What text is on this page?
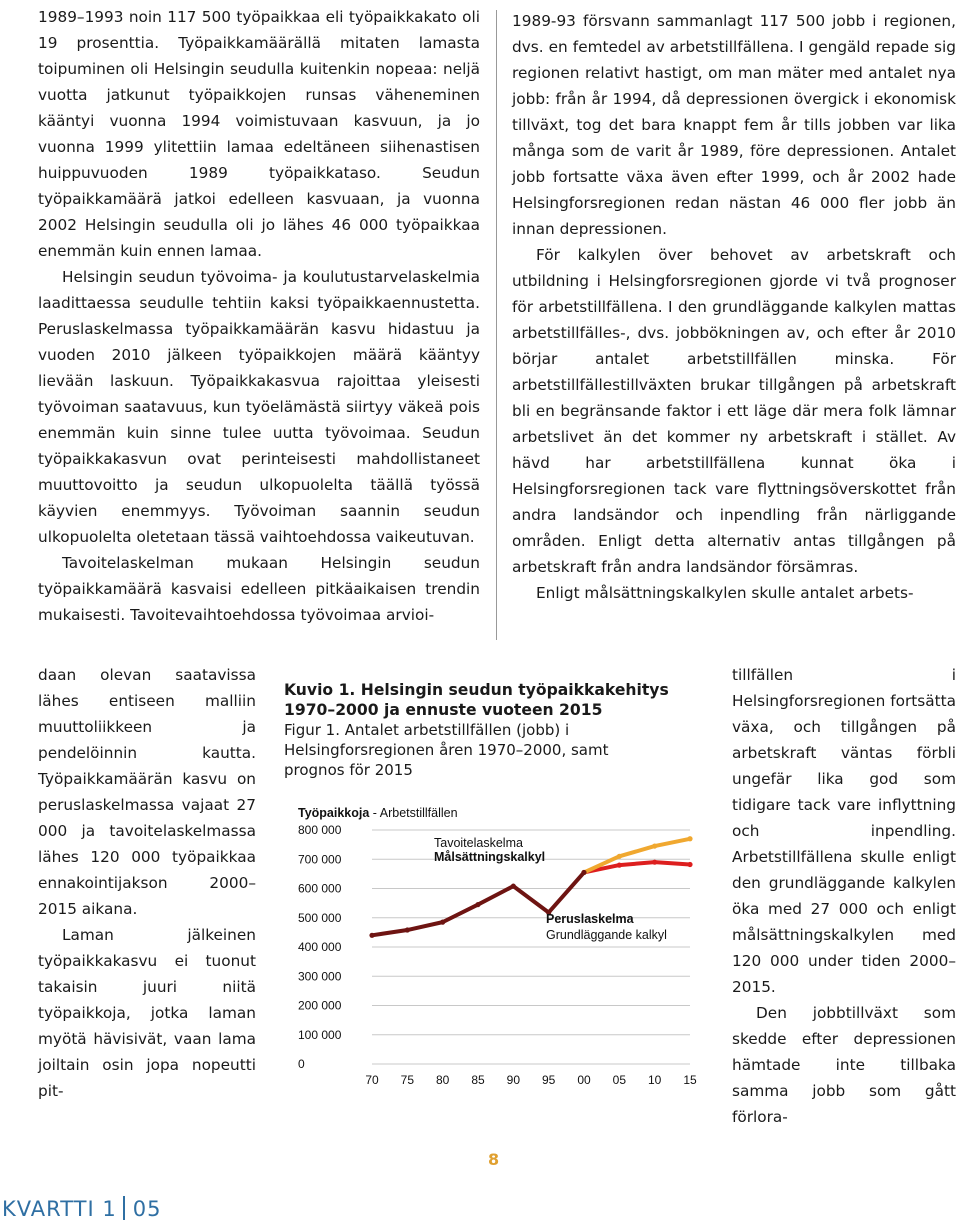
1989–1993 noin 117 500 työpaikkaa eli työpaikkakato oli 19 prosenttia. Työpaikkamäärällä mitaten lamasta toipuminen oli Helsingin seudulla kuitenkin nopeaa: neljä vuotta jatkunut työpaikkojen runsas väheneminen kääntyi vuonna 1994 voimistuvaan kasvuun, ja jo vuonna 1999 ylitettiin lamaa edeltäneen siihenastisen huippuvuoden 1989 työpaikkataso. Seudun työpaikkamäärä jatkoi edelleen kasvuaan, ja vuonna 2002 Helsingin seudulla oli jo lähes 46 000 työpaikkaa enemmän kuin ennen lamaa.

Helsingin seudun työvoima- ja koulutustarvelaskelmia laadittaessa seudulle tehtiin kaksi työpaikkaennustetta. Peruslaskelmassa työpaikkamäärän kasvu hidastuu ja vuoden 2010 jälkeen työpaikkojen määrä kääntyy lievään laskuun. Työpaikkakasvua rajoittaa yleisesti työvoiman saatavuus, kun työelämästä siirtyy väkeä pois enemmän kuin sinne tulee uutta työvoimaa. Seudun työpaikkakasvun ovat perinteisesti mahdollistaneet muuttovoitto ja seudun ulkopuolelta täällä työssä käyvien enemmyys. Työvoiman saannin seudun ulkopuolelta oletetaan tässä vaihtoehdossa vaikeutuvan.

Tavoitelaskelman mukaan Helsingin seudun työpaikkamäärä kasvaisi edelleen pitkäaikaisen trendin mukaisesti. Tavoitevaihtoehdossa työvoimaa arvioi-

daan olevan saatavissa lähes entiseen malliin muuttoliikkeen ja pendelöinnin kautta. Työpaikkamäärän kasvu on peruslaskelmassa vajaat 27 000 ja tavoitelaskelmassa lähes 120 000 työpaikkaa ennakointijakson 2000–2015 aikana.

Laman jälkeinen työpaikkakasvu ei tuonut takaisin juuri niitä työpaikkoja, jotka laman myötä hävisivät, vaan lama joiltain osin jopa nopeutti pit-

1989-93 försvann sammanlagt 117 500 jobb i regionen, dvs. en femtedel av arbetstillfällena. I gengäld repade sig regionen relativt hastigt, om man mäter med antalet nya jobb: från år 1994, då depressionen övergick i ekonomisk tillväxt, tog det bara knappt fem år tills jobben var lika många som de varit år 1989, före depressionen. Antalet jobb fortsatte växa även efter 1999, och år 2002 hade Helsingforsregionen redan nästan 46 000 fler jobb än innan depressionen.

För kalkylen över behovet av arbetskraft och utbildning i Helsingforsregionen gjorde vi två prognoser för arbetstillfällena. I den grundläggande kalkylen mattas arbetstillfälles-, dvs. jobbökningen av, och efter år 2010 börjar antalet arbetstillfällen minska. För arbetstillfällestillväxten brukar tillgången på arbetskraft bli en begränsande faktor i ett läge där mera folk lämnar arbetslivet än det kommer ny arbetskraft i stället. Av hävd har arbetstillfällena kunnat öka i Helsingforsregionen tack vare flyttningsöverskottet från andra landsändor och inpendling från närliggande områden. Enligt detta alternativ antas tillgången på arbetskraft från andra landsändor försämras.

Enligt målsättningskalkylen skulle antalet arbets-

tillfällen i Helsingforsregionen fortsätta växa, och tillgången på arbetskraft väntas förbli ungefär lika god som tidigare tack vare inflyttning och inpendling. Arbetstillfällena skulle enligt den grundläggande kalkylen öka med 27 000 och enligt målsättningskalkylen med 120 000 under tiden 2000–2015.

Den jobbtillväxt som skedde efter depressionen hämtade inte tillbaka samma jobb som gått förlora-

Kuvio 1. Helsingin seudun työpaikkakehitys
1970–2000 ja ennuste vuoteen 2015
Figur 1. Antalet arbetstillfällen (jobb) i
Helsingforsregionen åren 1970–2000, samt
prognos för 2015
Työpaikkoja - Arbetstillfällen
0
100 000
200 000
300 000
400 000
500 000
600 000
700 000
800 000
70 75 80 85 90 95 00 05 10 15
Tavoitelaskelma
Målsättningskalkyl
Peruslaskelma
Grundläggande kalkyl
8
KVARTTI 1 05
